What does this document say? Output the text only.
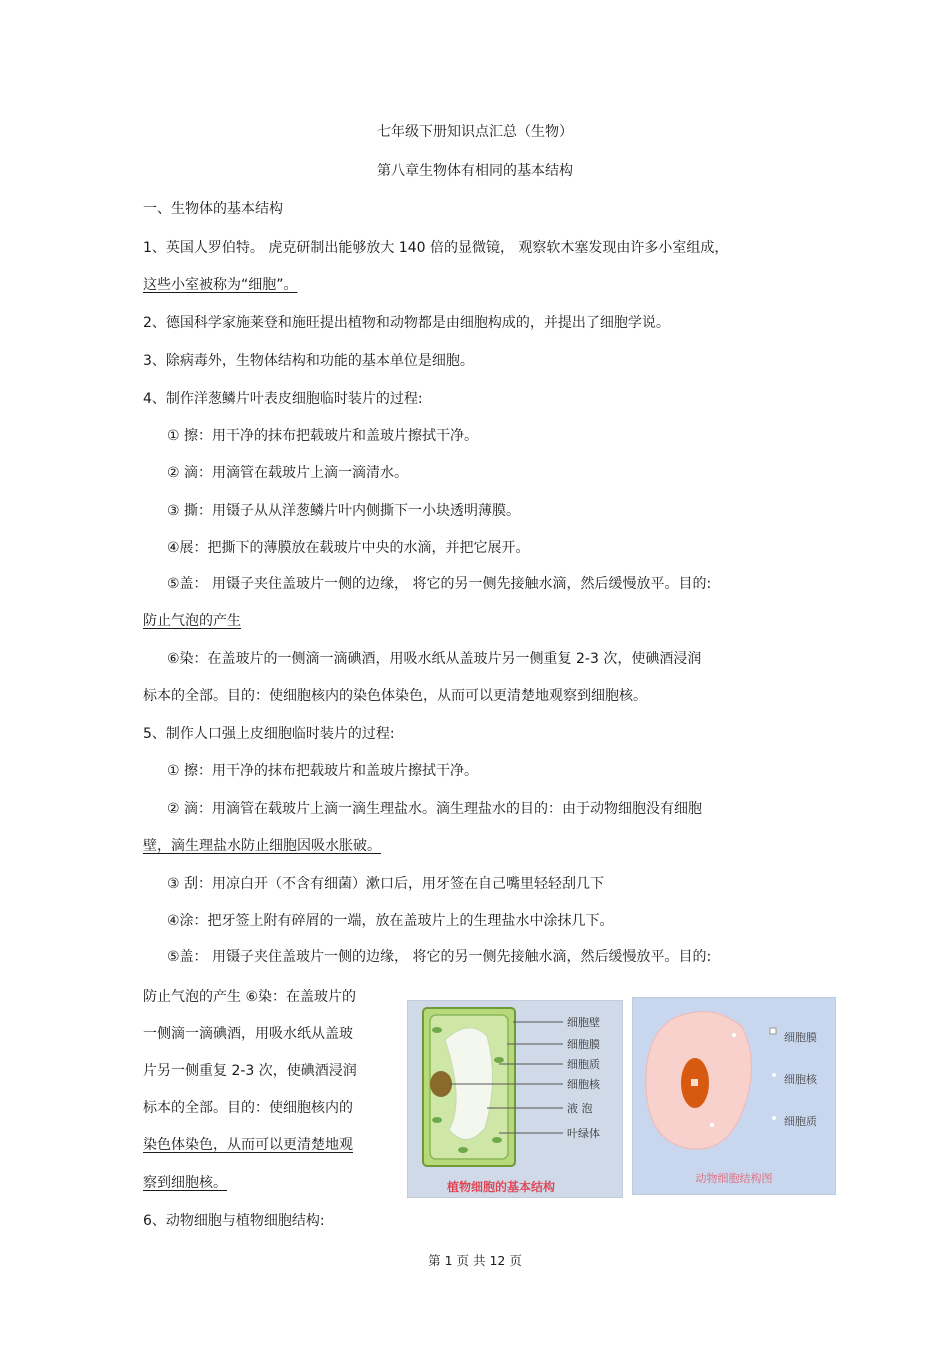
七年级下册知识点汇总（生物）
第八章生物体有相同的基本结构
一、生物体的基本结构
1、英国人罗伯特。 虎克研制出能够放大 140 倍的显微镜， 观察软木塞发现由许多小室组成，
这些小室被称为“细胞”。
2、德国科学家施莱登和施旺提出植物和动物都是由细胞构成的，并提出了细胞学说。
3、除病毒外，生物体结构和功能的基本单位是细胞。
4、制作洋葱鳞片叶表皮细胞临时装片的过程:
① 擦：用干净的抹布把载玻片和盖玻片擦拭干净。
② 滴：用滴管在载玻片上滴一滴清水。
③ 撕：用镊子从从洋葱鳞片叶内侧撕下一小块透明薄膜。
④展：把撕下的薄膜放在载玻片中央的水滴，并把它展开。
⑤盖： 用镊子夹住盖玻片一侧的边缘， 将它的另一侧先接触水滴，然后缓慢放平。目的:
防止气泡的产生
⑥染：在盖玻片的一侧滴一滴碘酒，用吸水纸从盖玻片另一侧重复 2-3 次，使碘酒浸润
标本的全部。目的：使细胞核内的染色体染色，从而可以更清楚地观察到细胞核。
5、制作人口强上皮细胞临时装片的过程:
① 擦：用干净的抹布把载玻片和盖玻片擦拭干净。
② 滴：用滴管在载玻片上滴一滴生理盐水。滴生理盐水的目的：由于动物细胞没有细胞
壁，滴生理盐水防止细胞因吸水胀破。
③ 刮：用凉白开（不含有细菌）漱口后，用牙签在自己嘴里轻轻刮几下
④涂：把牙签上附有碎屑的一端，放在盖玻片上的生理盐水中涂抹几下。
⑤盖： 用镊子夹住盖玻片一侧的边缘， 将它的另一侧先接触水滴，然后缓慢放平。目的:
防止气泡的产生 ⑥染：在盖玻片的
一侧滴一滴碘酒，用吸水纸从盖玻
片另一侧重复 2-3 次，使碘酒浸润
标本的全部。目的：使细胞核内的
染色体染色，从而可以更清楚地观
察到细胞核。
6、动物细胞与植物细胞结构:
细胞壁
细胞膜
细胞质
细胞核
液 泡
叶绿体
植物细胞的基本结构
细胞膜
细胞核
细胞质
动物细胞结构图
第 1 页 共 12 页
